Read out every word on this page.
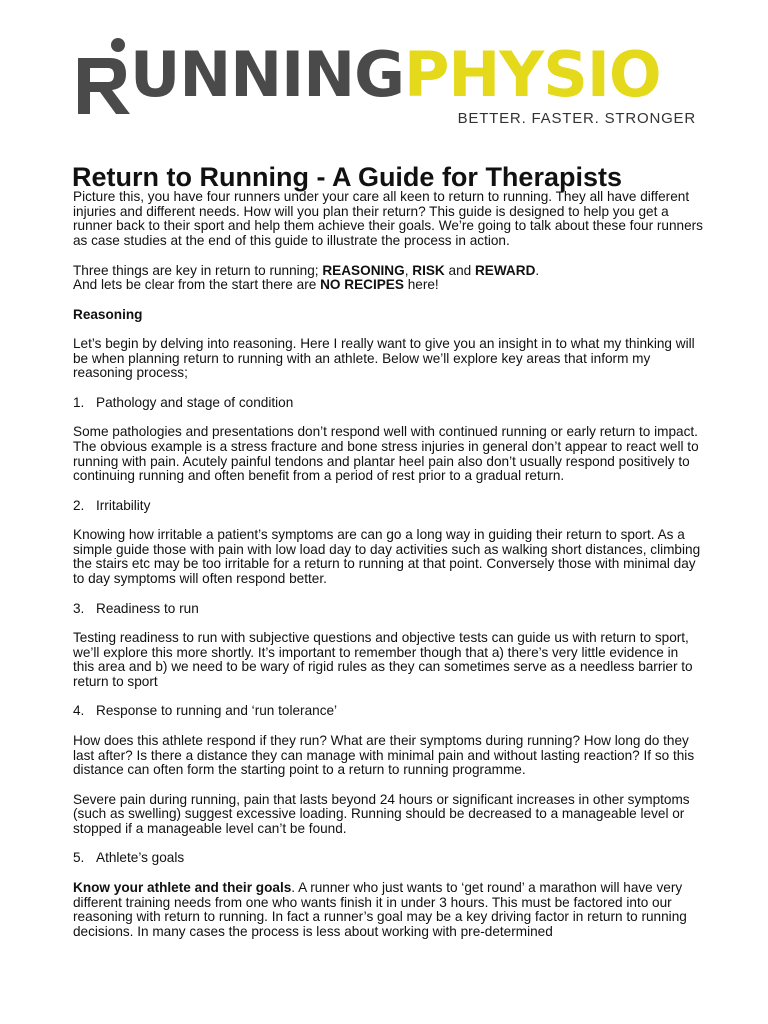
UNNINGPHYSIO
BETTER. FASTER. STRONGER
Return to Running - A Guide for Therapists

Picture this, you have four runners under your care all keen to return to running. They all have different injuries and different needs. How will you plan their return? This guide is designed to help you get a runner back to their sport and help them achieve their goals. We’re going to talk about these four runners as case studies at the end of this guide to illustrate the process in action.

Three things are key in return to running; REASONING, RISK and REWARD.
And lets be clear from the start there are NO RECIPES here!

Reasoning

Let’s begin by delving into reasoning. Here I really want to give you an insight in to what my thinking will be when planning return to running with an athlete. Below we’ll explore key areas that inform my reasoning process;

1. Pathology and stage of condition

Some pathologies and presentations don’t respond well with continued running or early return to impact. The obvious example is a stress fracture and bone stress injuries in general don’t appear to react well to running with pain. Acutely painful tendons and plantar heel pain also don’t usually respond positively to continuing running and often benefit from a period of rest prior to a gradual return.

2. Irritability

Knowing how irritable a patient’s symptoms are can go a long way in guiding their return to sport. As a simple guide those with pain with low load day to day activities such as walking short distances, climbing the stairs etc may be too irritable for a return to running at that point. Conversely those with minimal day to day symptoms will often respond better.

3. Readiness to run

Testing readiness to run with subjective questions and objective tests can guide us with return to sport, we’ll explore this more shortly. It’s important to remember though that a) there’s very little evidence in this area and b) we need to be wary of rigid rules as they can sometimes serve as a needless barrier to return to sport

4. Response to running and ‘run tolerance’

How does this athlete respond if they run? What are their symptoms during running? How long do they last after? Is there a distance they can manage with minimal pain and without lasting reaction? If so this distance can often form the starting point to a return to running programme.

Severe pain during running, pain that lasts beyond 24 hours or significant increases in other symptoms (such as swelling) suggest excessive loading. Running should be decreased to a manageable level or stopped if a manageable level can’t be found.

5. Athlete’s goals

Know your athlete and their goals. A runner who just wants to ‘get round’ a marathon will have very different training needs from one who wants finish it in under 3 hours. This must be factored into our reasoning with return to running. In fact a runner’s goal may be a key driving factor in return to running decisions. In many cases the process is less about working with pre-determined
